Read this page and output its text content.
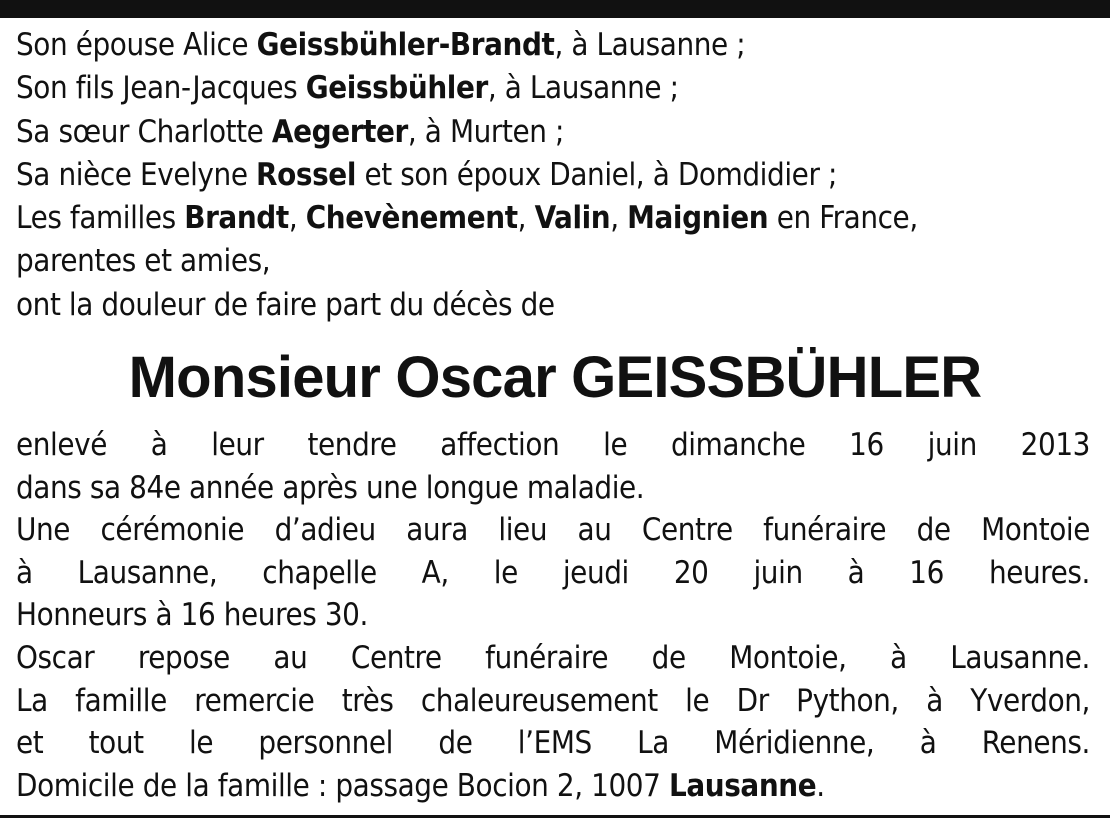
Son épouse Alice Geissbühler-Brandt, à Lausanne ;
Son fils Jean-Jacques Geissbühler, à Lausanne ;
Sa sœur Charlotte Aegerter, à Murten ;
Sa nièce Evelyne Rossel et son époux Daniel, à Domdidier ;
Les familles Brandt, Chevènement, Valin, Maignien en France,
parentes et amies,
ont la douleur de faire part du décès de
Monsieur Oscar GEISSBÜHLER
enlevé à leur tendre affection le dimanche 16 juin 2013
dans sa 84e année après une longue maladie.
Une cérémonie d’adieu aura lieu au Centre funéraire de Montoie
à Lausanne, chapelle A, le jeudi 20 juin à 16 heures.
Honneurs à 16 heures 30.
Oscar repose au Centre funéraire de Montoie, à Lausanne.
La famille remercie très chaleureusement le Dr Python, à Yverdon,
et tout le personnel de l’EMS La Méridienne, à Renens.
Domicile de la famille : passage Bocion 2, 1007 Lausanne.
